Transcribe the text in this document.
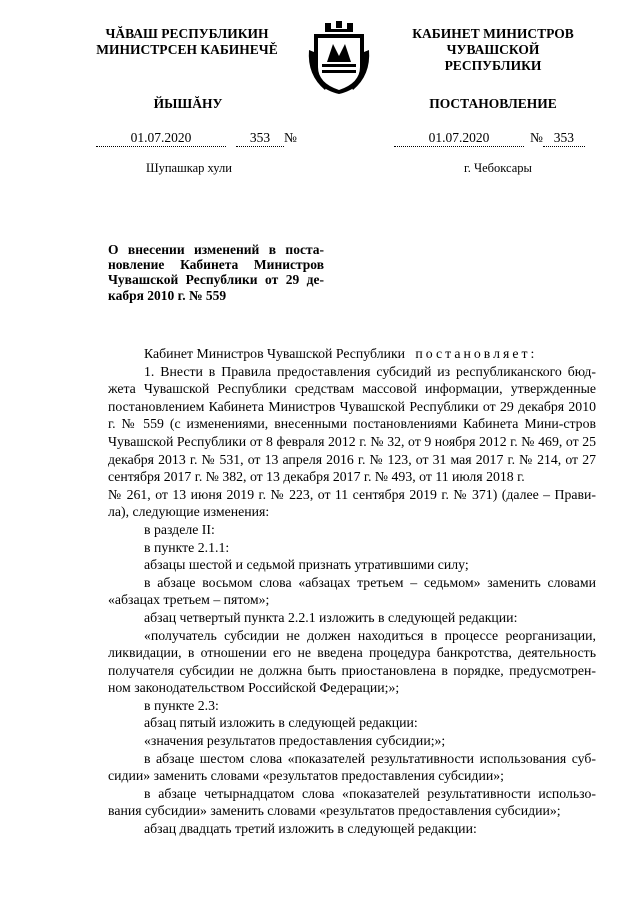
ЧĂВАШ РЕСПУБЛИКИН
МИНИСТРСЕН КАБИНЕЧĚ
КАБИНЕТ МИНИСТРОВ
ЧУВАШСКОЙ РЕСПУБЛИКИ
ЙЫШĂНУ	ПОСТАНОВЛЕНИЕ
01.07.2020	353 №	01.07.2020	№ 353
Шупашкар хули	г. Чебоксары
О внесении изменений в поста-новление Кабинета Министров Чувашской Республики от 29 де-кабря 2010 г. № 559

Кабинет Министров Чувашской Республики постановляет:

1. Внести в Правила предоставления субсидий из республиканского бюд-жета Чувашской Республики средствам массовой информации, утвержденные постановлением Кабинета Министров Чувашской Республики от 29 декабря 2010 г. № 559 (с изменениями, внесенными постановлениями Кабинета Мини-стров Чувашской Республики от 8 февраля 2012 г. № 32, от 9 ноября 2012 г. № 469, от 25 декабря 2013 г. № 531, от 13 апреля 2016 г. № 123, от 31 мая 2017 г. № 214, от 27 сентября 2017 г. № 382, от 13 декабря 2017 г. № 493, от 11 июля 2018 г.

№ 261, от 13 июня 2019 г. № 223, от 11 сентября 2019 г. № 371) (далее – Прави-ла), следующие изменения:

в разделе II:

в пункте 2.1.1:

абзацы шестой и седьмой признать утратившими силу;

в абзаце восьмом слова «абзацах третьем – седьмом» заменить словами «абзацах третьем – пятом»;

абзац четвертый пункта 2.2.1 изложить в следующей редакции:

«получатель субсидии не должен находиться в процессе реорганизации, ликвидации, в отношении его не введена процедура банкротства, деятельность получателя субсидии не должна быть приостановлена в порядке, предусмотрен-ном законодательством Российской Федерации;»;

в пункте 2.3:

абзац пятый изложить в следующей редакции:

«значения результатов предоставления субсидии;»;

в абзаце шестом слова «показателей результативности использования суб-сидии» заменить словами «результатов предоставления субсидии»;

в абзаце четырнадцатом слова «показателей результативности использо-вания субсидии» заменить словами «результатов предоставления субсидии»;

абзац двадцать третий изложить в следующей редакции:
